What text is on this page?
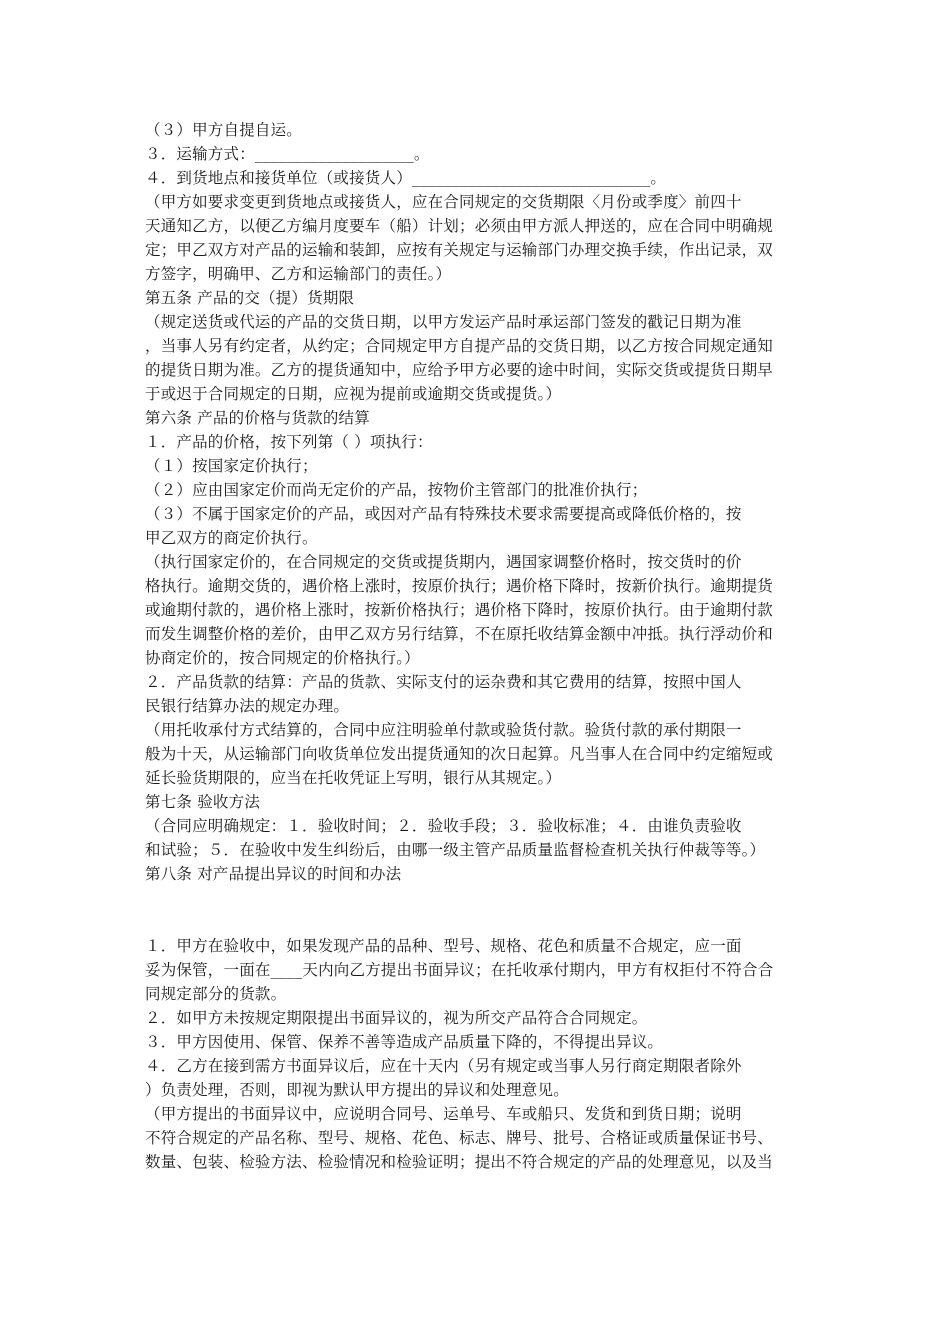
（３）甲方自提自运。
３．运输方式：____________________。
４．到货地点和接货单位（或接货人）______________________________。
（甲方如要求变更到货地点或接货人，应在合同规定的交货期限〈月份或季度〉前四十
天通知乙方，以便乙方编月度要车（船）计划；必须由甲方派人押送的，应在合同中明确规
定；甲乙双方对产品的运输和装卸，应按有关规定与运输部门办理交换手续，作出记录，双
方签字，明确甲、乙方和运输部门的责任。）
第五条 产品的交（提）货期限
（规定送货或代运的产品的交货日期，以甲方发运产品时承运部门签发的戳记日期为准
，当事人另有约定者，从约定；合同规定甲方自提产品的交货日期，以乙方按合同规定通知
的提货日期为准。乙方的提货通知中，应给予甲方必要的途中时间，实际交货或提货日期早
于或迟于合同规定的日期，应视为提前或逾期交货或提货。）
第六条 产品的价格与货款的结算
１．产品的价格，按下列第（ ）项执行：
（１）按国家定价执行；
（２）应由国家定价而尚无定价的产品，按物价主管部门的批准价执行；
（３）不属于国家定价的产品，或因对产品有特殊技术要求需要提高或降低价格的，按
甲乙双方的商定价执行。
（执行国家定价的，在合同规定的交货或提货期内，遇国家调整价格时，按交货时的价
格执行。逾期交货的，遇价格上涨时，按原价执行；遇价格下降时，按新价执行。逾期提货
或逾期付款的，遇价格上涨时，按新价格执行；遇价格下降时，按原价执行。由于逾期付款
而发生调整价格的差价，由甲乙双方另行结算，不在原托收结算金额中冲抵。执行浮动价和
协商定价的，按合同规定的价格执行。）
２．产品货款的结算：产品的货款、实际支付的运杂费和其它费用的结算，按照中国人
民银行结算办法的规定办理。
（用托收承付方式结算的，合同中应注明验单付款或验货付款。验货付款的承付期限一
般为十天，从运输部门向收货单位发出提货通知的次日起算。凡当事人在合同中约定缩短或
延长验货期限的，应当在托收凭证上写明，银行从其规定。）
第七条 验收方法
（合同应明确规定：１．验收时间；２．验收手段；３．验收标准；４．由谁负责验收
和试验；５．在验收中发生纠纷后，由哪一级主管产品质量监督检查机关执行仲裁等等。）
第八条 对产品提出异议的时间和办法
１．甲方在验收中，如果发现产品的品种、型号、规格、花色和质量不合规定，应一面
妥为保管，一面在____天内向乙方提出书面异议；在托收承付期内，甲方有权拒付不符合合
同规定部分的货款。
２．如甲方未按规定期限提出书面异议的，视为所交产品符合合同规定。
３．甲方因使用、保管、保养不善等造成产品质量下降的，不得提出异议。
４．乙方在接到需方书面异议后，应在十天内（另有规定或当事人另行商定期限者除外
）负责处理，否则，即视为默认甲方提出的异议和处理意见。
（甲方提出的书面异议中，应说明合同号、运单号、车或船只、发货和到货日期；说明
不符合规定的产品名称、型号、规格、花色、标志、牌号、批号、合格证或质量保证书号、
数量、包装、检验方法、检验情况和检验证明；提出不符合规定的产品的处理意见，以及当
